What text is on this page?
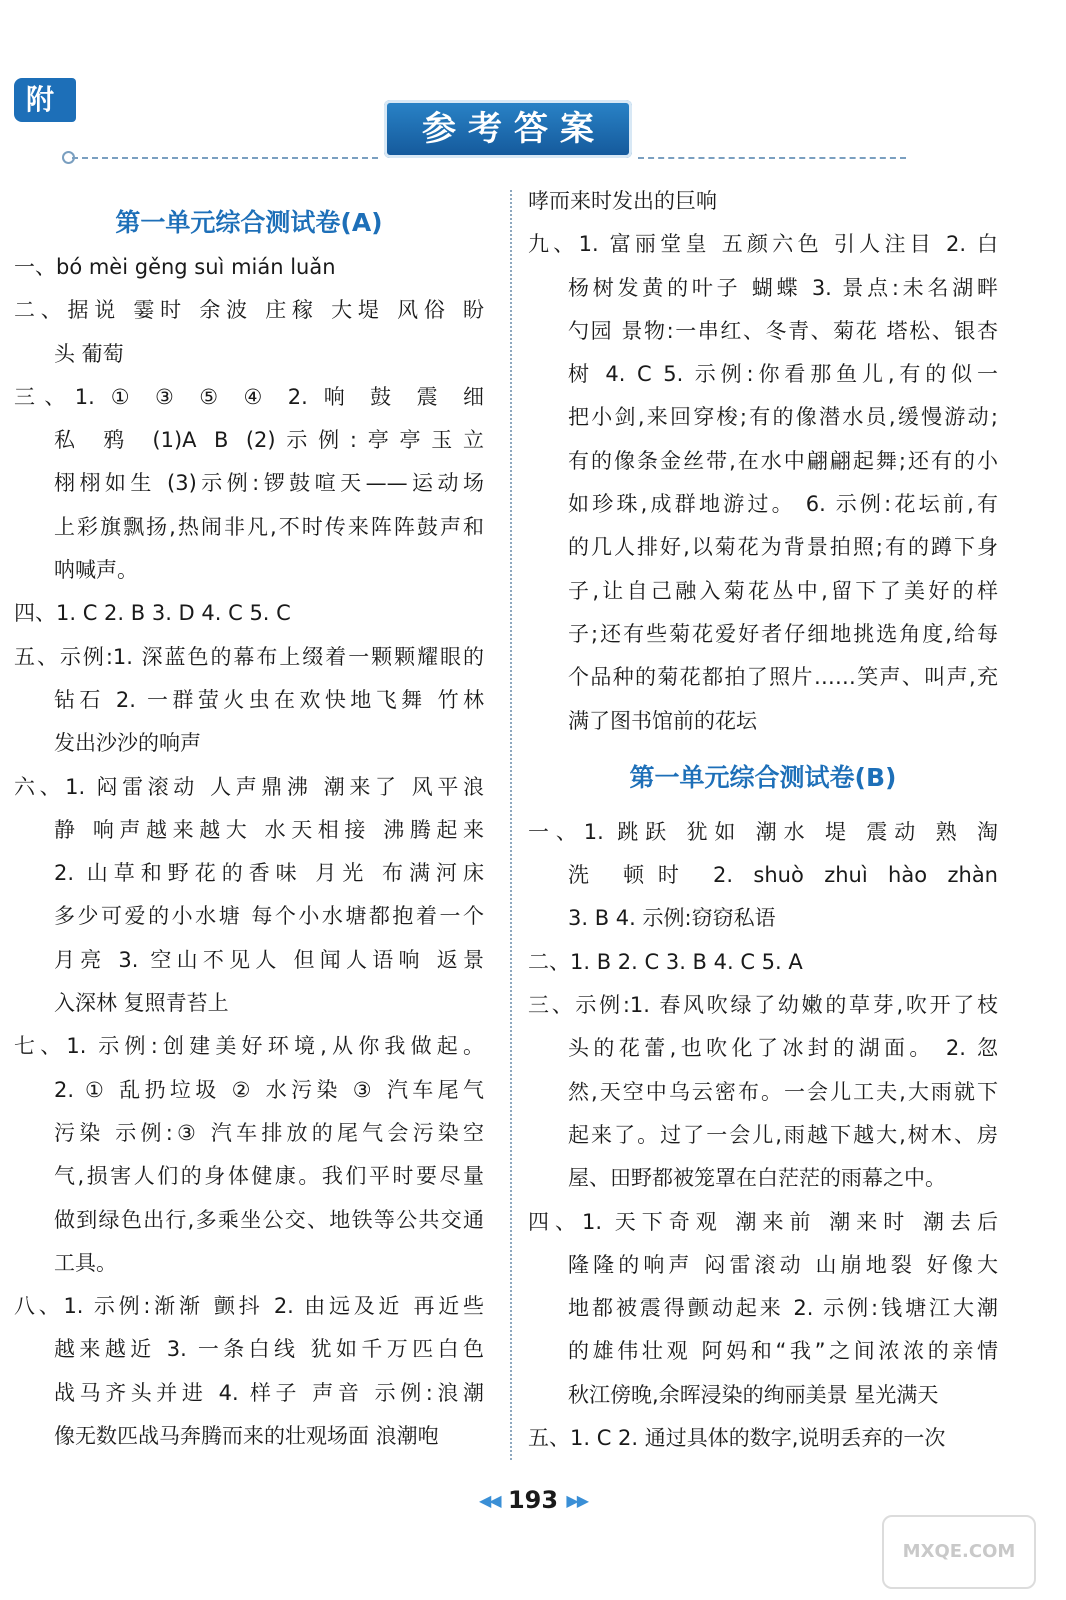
附
参考答案
第一单元综合测试卷(A)
一、bó mèi gěng suì mián luǎn
二、据说 霎时 余波 庄稼 大堤 风俗 盼
头 葡萄
三、1. ① ③ ⑤ ④ 2. 响 鼓 震 细
私 鸦 (1)A B (2)示例:亭亭玉立
栩栩如生 (3)示例:锣鼓喧天——运动场
上彩旗飘扬,热闹非凡,不时传来阵阵鼓声和
呐喊声。
四、1. C 2. B 3. D 4. C 5. C
五、示例:1. 深蓝色的幕布上缀着一颗颗耀眼的
钻石 2. 一群萤火虫在欢快地飞舞 竹林
发出沙沙的响声
六、1. 闷雷滚动 人声鼎沸 潮来了 风平浪
静 响声越来越大 水天相接 沸腾起来
2. 山草和野花的香味 月光 布满河床
多少可爱的小水塘 每个小水塘都抱着一个
月亮 3. 空山不见人 但闻人语响 返景
入深林 复照青苔上
七、1. 示例:创建美好环境,从你我做起。
2. ① 乱扔垃圾 ② 水污染 ③ 汽车尾气
污染 示例:③ 汽车排放的尾气会污染空
气,损害人们的身体健康。我们平时要尽量
做到绿色出行,多乘坐公交、地铁等公共交通
工具。
八、1. 示例:渐渐 颤抖 2. 由远及近 再近些
越来越近 3. 一条白线 犹如千万匹白色
战马齐头并进 4. 样子 声音 示例:浪潮
像无数匹战马奔腾而来的壮观场面 浪潮咆
哮而来时发出的巨响
九、1. 富丽堂皇 五颜六色 引人注目 2. 白
杨树发黄的叶子 蝴蝶 3. 景点:未名湖畔
勺园 景物:一串红、冬青、菊花 塔松、银杏
树 4. C 5. 示例:你看那鱼儿,有的似一
把小剑,来回穿梭;有的像潜水员,缓慢游动;
有的像条金丝带,在水中翩翩起舞;还有的小
如珍珠,成群地游过。 6. 示例:花坛前,有
的几人排好,以菊花为背景拍照;有的蹲下身
子,让自己融入菊花丛中,留下了美好的样
子;还有些菊花爱好者仔细地挑选角度,给每
个品种的菊花都拍了照片……笑声、叫声,充
满了图书馆前的花坛
第一单元综合测试卷(B)
一、1. 跳跃 犹如 潮水 堤 震动 熟 淘
洗 顿时 2. shuò zhuì hào zhàn
3. B 4. 示例:窃窃私语
二、1. B 2. C 3. B 4. C 5. A
三、示例:1. 春风吹绿了幼嫩的草芽,吹开了枝
头的花蕾,也吹化了冰封的湖面。 2. 忽
然,天空中乌云密布。一会儿工夫,大雨就下
起来了。过了一会儿,雨越下越大,树木、房
屋、田野都被笼罩在白茫茫的雨幕之中。
四、1. 天下奇观 潮来前 潮来时 潮去后
隆隆的响声 闷雷滚动 山崩地裂 好像大
地都被震得颤动起来 2. 示例:钱塘江大潮
的雄伟壮观 阿妈和“我”之间浓浓的亲情
秋江傍晚,余晖浸染的绚丽美景 星光满天
五、1. C 2. 通过具体的数字,说明丢弃的一次
◀◀ 193 ▶▶
MXQE.COM
